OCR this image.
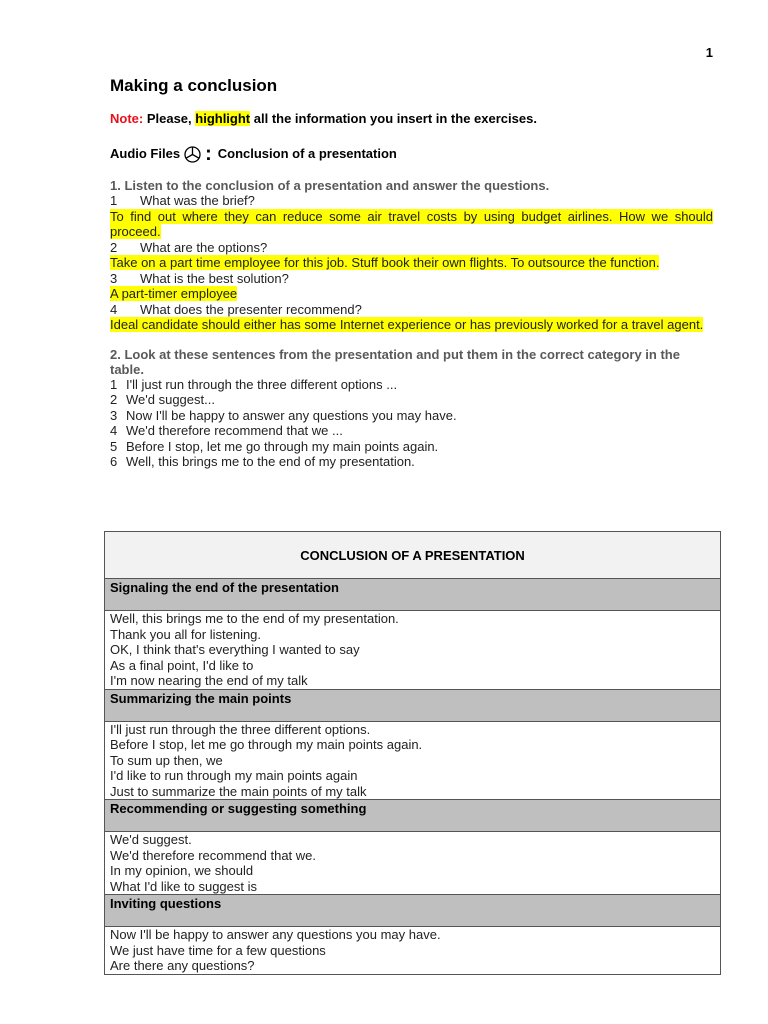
1
Making a conclusion
Note: Please, highlight all the information you insert in the exercises.
Audio Files : Conclusion of a presentation
1. Listen to the conclusion of a presentation and answer the questions.
1	What was the brief?
To find out where they can reduce some air travel costs by using budget airlines. How we should proceed.
2	What are the options?
Take on a part time employee for this job. Stuff book their own flights. To outsource the function.
3	What is the best solution?
A part-timer employee
4	What does the presenter recommend?
Ideal candidate should either has some Internet experience or has previously worked for a travel agent.
2. Look at these sentences from the presentation and put them in the correct category in the table.
1 I'll just run through the three different options ...
2 We'd suggest...
3 Now I'll be happy to answer any questions you may have.
4 We'd therefore recommend that we ...
5 Before I stop, let me go through my main points again.
6 Well, this brings me to the end of my presentation.
CONCLUSION OF A PRESENTATION
Signaling the end of the presentation

Well, this brings me to the end of my presentation.
Thank you all for listening.
OK, I think that's everything I wanted to say
As a final point, I'd like to
I'm now nearing the end of my talk

Summarizing the main points

I'll just run through the three different options.
Before I stop, let me go through my main points again.
To sum up then, we
I'd like to run through my main points again
Just to summarize the main points of my talk

Recommending or suggesting something

We'd suggest.
We'd therefore recommend that we.
In my opinion, we should
What I'd like to suggest is

Inviting questions

Now I'll be happy to answer any questions you may have.
We just have time for a few questions
Are there any questions?
